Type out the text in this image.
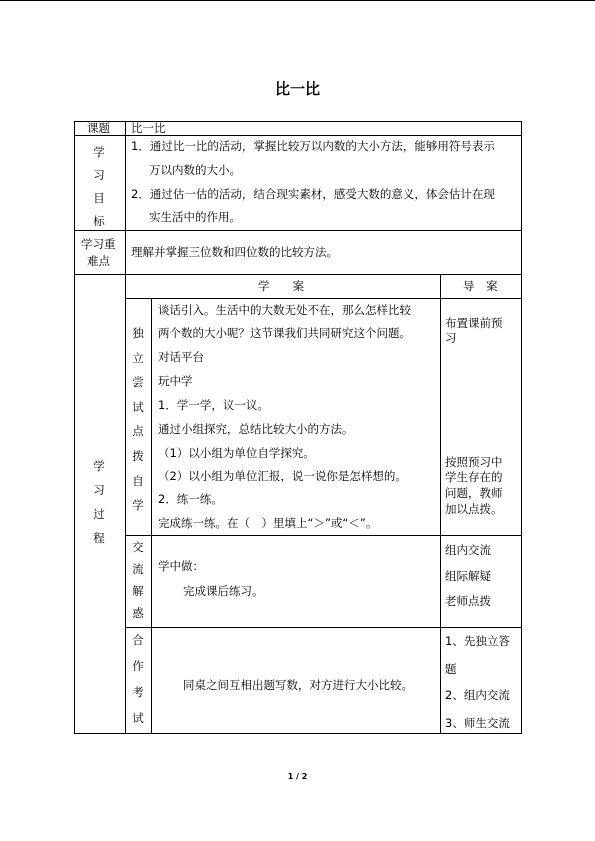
比一比
课题 比一比
学
习
目
标
1．通过比一比的活动，掌握比较万以内数的大小方法，能够用符号表示
万以内数的大小。
2．通过估一估的活动，结合现实素材，感受大数的意义，体会估计在现
实生活中的作用。
学习重
难点
理解并掌握三位数和四位数的比较方法。
学
习
过
程
学　　案	导　案
独
立
尝
试
点
拨
自
学
谈话引入。生活中的大数无处不在，那么怎样比较
两个数的大小呢？这节课我们共同研究这个问题。
对话平台
玩中学
1．学一学，议一议。
通过小组探究，总结比较大小的方法。
（1）以小组为单位自学探究。
（2）以小组为单位汇报，说一说你是怎样想的。
2．练一练。
完成练一练。在（　）里填上“＞”或“＜”。
布置课前预
习
按照预习中
学生存在的
问题，教师
加以点拨。
交
流
解
惑
学中做：
完成课后练习。
组内交流
组际解疑
老师点拨
合
作
考
试
同桌之间互相出题写数，对方进行大小比较。
1、先独立答
题
2、组内交流
3、师生交流
1 / 2
